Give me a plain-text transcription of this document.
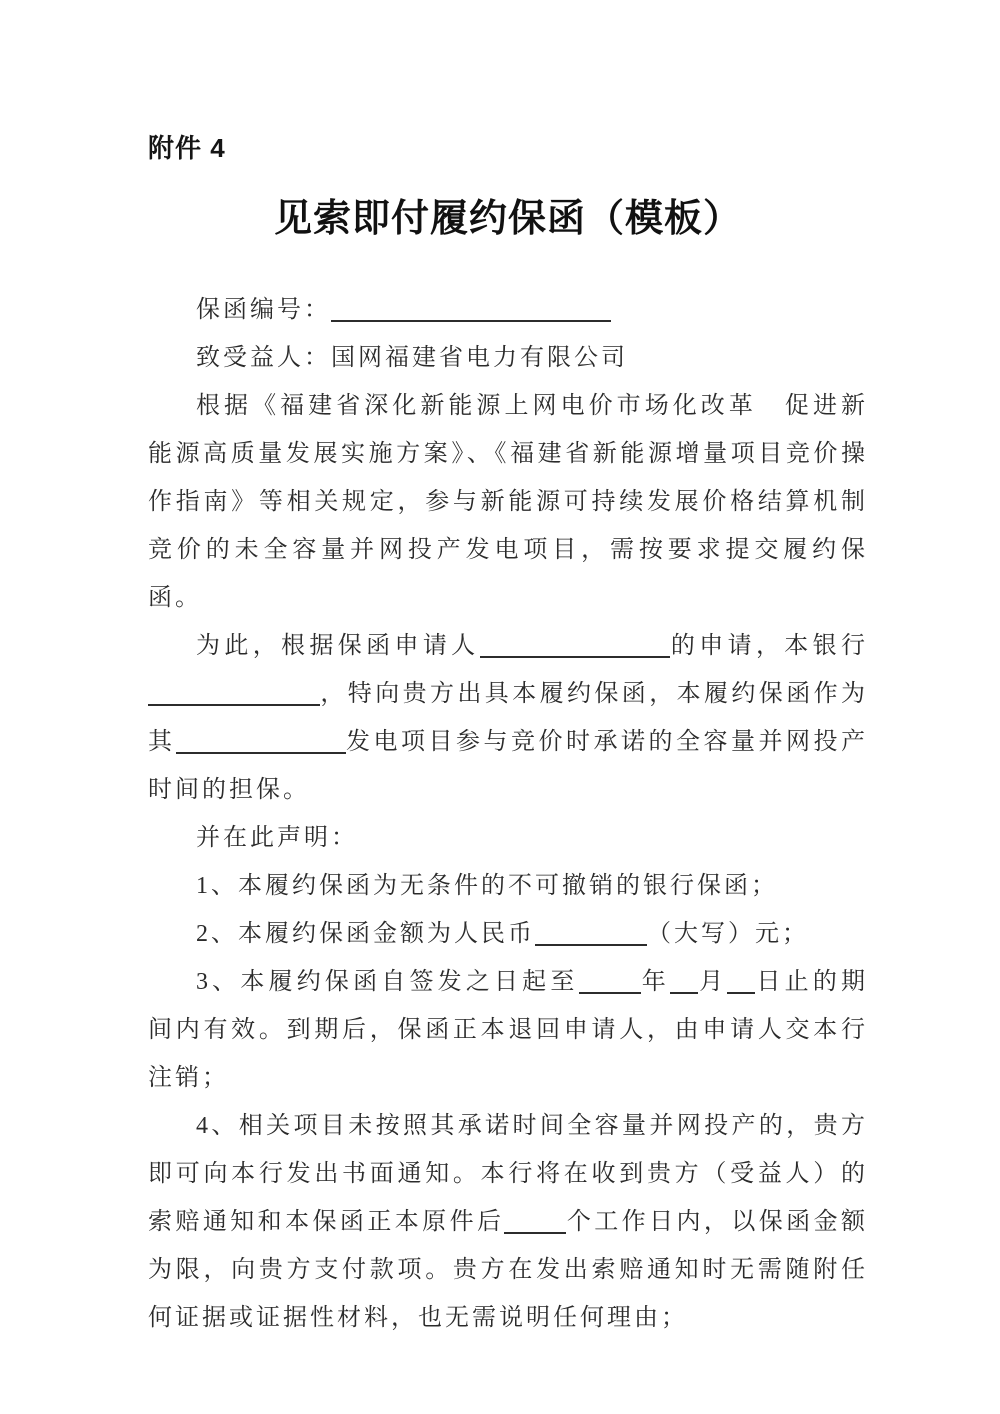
附件 4
见索即付履约保函（模板）

保函编号：

致受益人：国网福建省电力有限公司

根据《福建省深化新能源上网电价市场化改革　促进新能源高质量发展实施方案》、《福建省新能源增量项目竞价操作指南》等相关规定，参与新能源可持续发展价格结算机制竞价的未全容量并网投产发电项目，需按要求提交履约保函。

为此，根据保函申请人	的申请，本银行，特向贵方出具本履约保函，本履约保函作为其	发电项目参与竞价时承诺的全容量并网投产时间的担保。

并在此声明：

1、本履约保函为无条件的不可撤销的银行保函；

2、本履约保函金额为人民币	（大写）元；

3、本履约保函自签发之日起至	年 月 日止的期间内有效。到期后，保函正本退回申请人，由申请人交本行注销；

4、相关项目未按照其承诺时间全容量并网投产的，贵方即可向本行发出书面通知。本行将在收到贵方（受益人）的索赔通知和本保函正本原件后	个工作日内，以保函金额为限，向贵方支付款项。贵方在发出索赔通知时无需随附任何证据或证据性材料，也无需说明任何理由；
